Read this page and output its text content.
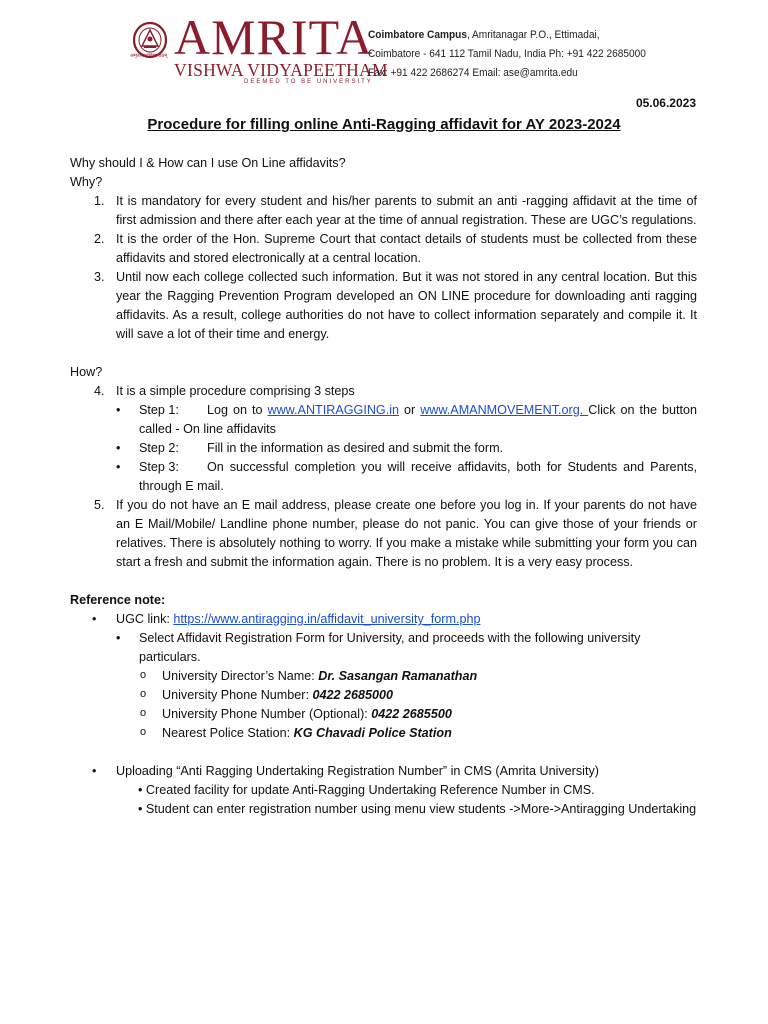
अमृतविश्वविद्यापीठम् AMRITA
VISHWA VIDYAPEETHAM
DEEMED TO BE UNIVERSITY
Coimbatore Campus, Amritanagar P.O., Ettimadai,
Coimbatore - 641 112 Tamil Nadu, India Ph: +91 422 2685000
Fax: +91 422 2686274 Email: ase@amrita.edu
05.06.2023
Procedure for filling online Anti-Ragging affidavit for AY 2023-2024

Why should I & How can I use On Line affidavits?

Why?

1. It is mandatory for every student and his/her parents to submit an anti -ragging affidavit at the time of first admission and there after each year at the time of annual registration. These are UGC’s regulations.
2. It is the order of the Hon. Supreme Court that contact details of students must be collected from these affidavits and stored electronically at a central location.
3. Until now each college collected such information. But it was not stored in any central location. But this year the Ragging Prevention Program developed an ON LINE procedure for downloading anti ragging affidavits. As a result, college authorities do not have to collect information separately and compile it. It will save a lot of their time and energy.

How?

4. It is a simple procedure comprising 3 steps
• Step 1: Log on to www.ANTIRAGGING.in or www.AMANMOVEMENT.org. Click on the button called - On line affidavits
• Step 2: Fill in the information as desired and submit the form.
• Step 3: On successful completion you will receive affidavits, both for Students and Parents, through E mail.
5. If you do not have an E mail address, please create one before you log in. If your parents do not have an E Mail/Mobile/ Landline phone number, please do not panic. You can give those of your friends or relatives. There is absolutely nothing to worry. If you make a mistake while submitting your form you can start a fresh and submit the information again. There is no problem. It is a very easy process.

Reference note:

• UGC link: https://www.antiragging.in/affidavit_university_form.php
• Select Affidavit Registration Form for University, and proceeds with the following university particulars.
o University Director’s Name: Dr. Sasangan Ramanathan
o University Phone Number: 0422 2685000
o University Phone Number (Optional): 0422 2685500
o Nearest Police Station: KG Chavadi Police Station
• Uploading “Anti Ragging Undertaking Registration Number” in CMS (Amrita University)
• Created facility for update Anti-Ragging Undertaking Reference Number in CMS.
• Student can enter registration number using menu view students ->More->Antiragging Undertaking
